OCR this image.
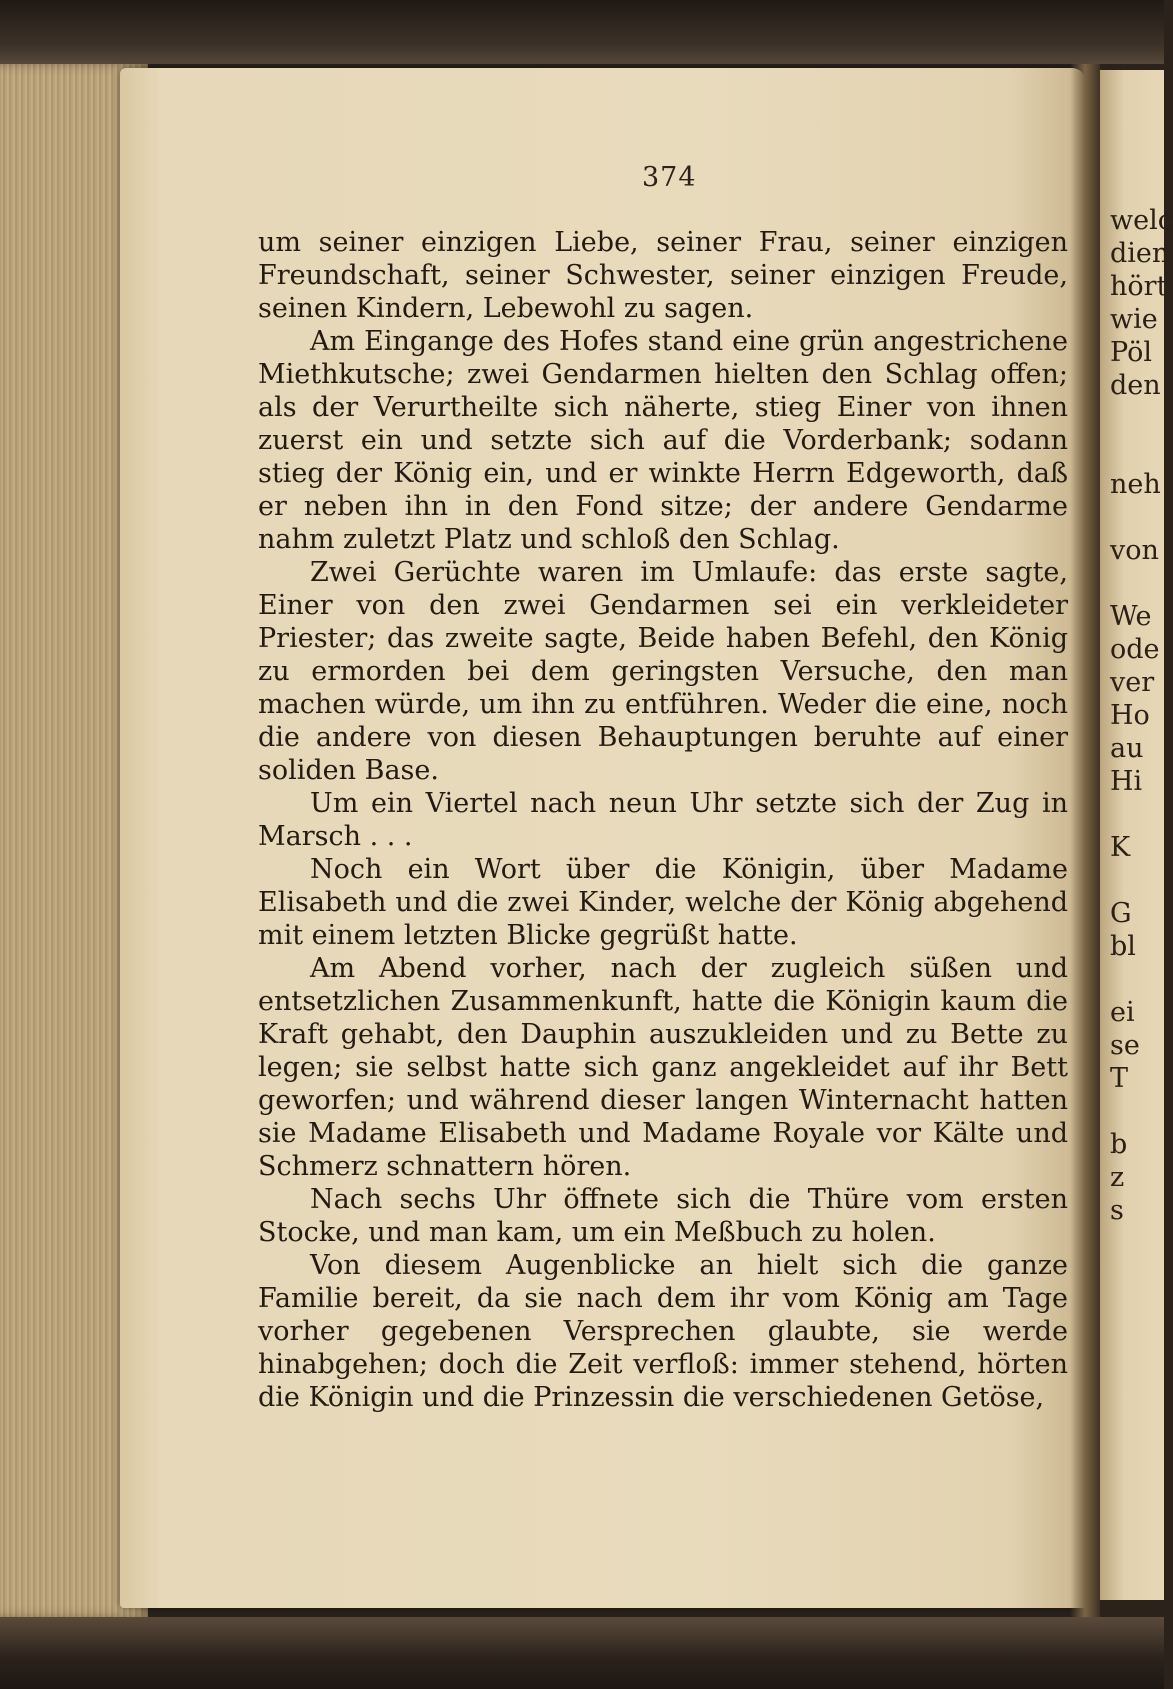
374

um seiner einzigen Liebe, seiner Frau, seiner einzigen Freundschaft, seiner Schwester, seiner einzigen Freude, seinen Kindern, Lebewohl zu sagen.

Am Eingange des Hofes stand eine grün angestrichene Miethkutsche; zwei Gendarmen hielten den Schlag offen; als der Verurtheilte sich näherte, stieg Einer von ihnen zuerst ein und setzte sich auf die Vorderbank; sodann stieg der König ein, und er winkte Herrn Edgeworth, daß er neben ihn in den Fond sitze; der andere Gendarme nahm zuletzt Platz und schloß den Schlag.

Zwei Gerüchte waren im Umlaufe: das erste sagte, Einer von den zwei Gendarmen sei ein verkleideter Priester; das zweite sagte, Beide haben Befehl, den König zu ermorden bei dem geringsten Versuche, den man machen würde, um ihn zu entführen. Weder die eine, noch die andere von diesen Behauptungen beruhte auf einer soliden Base.

Um ein Viertel nach neun Uhr setzte sich der Zug in Marsch . . .

Noch ein Wort über die Königin, über Madame Elisabeth und die zwei Kinder, welche der König abgehend mit einem letzten Blicke gegrüßt hatte.

Am Abend vorher, nach der zugleich süßen und entsetzlichen Zusammenkunft, hatte die Königin kaum die Kraft gehabt, den Dauphin auszukleiden und zu Bette zu legen; sie selbst hatte sich ganz angekleidet auf ihr Bett geworfen; und während dieser langen Winternacht hatten sie Madame Elisabeth und Madame Royale vor Kälte und Schmerz schnattern hören.

Nach sechs Uhr öffnete sich die Thüre vom ersten Stocke, und man kam, um ein Meßbuch zu holen.

Von diesem Augenblicke an hielt sich die ganze Familie bereit, da sie nach dem ihr vom König am Tage vorher gegebenen Versprechen glaubte, sie werde hinabgehen; doch die Zeit verfloß: immer stehend, hörten die Königin und die Prinzessin die verschiedenen Getöse,

welc
dien
hört
wie
Pöl
den
neh
von
We
ode
ver
Ho
au
Hi
K
G
bl
ei
se
T
b
z
s
